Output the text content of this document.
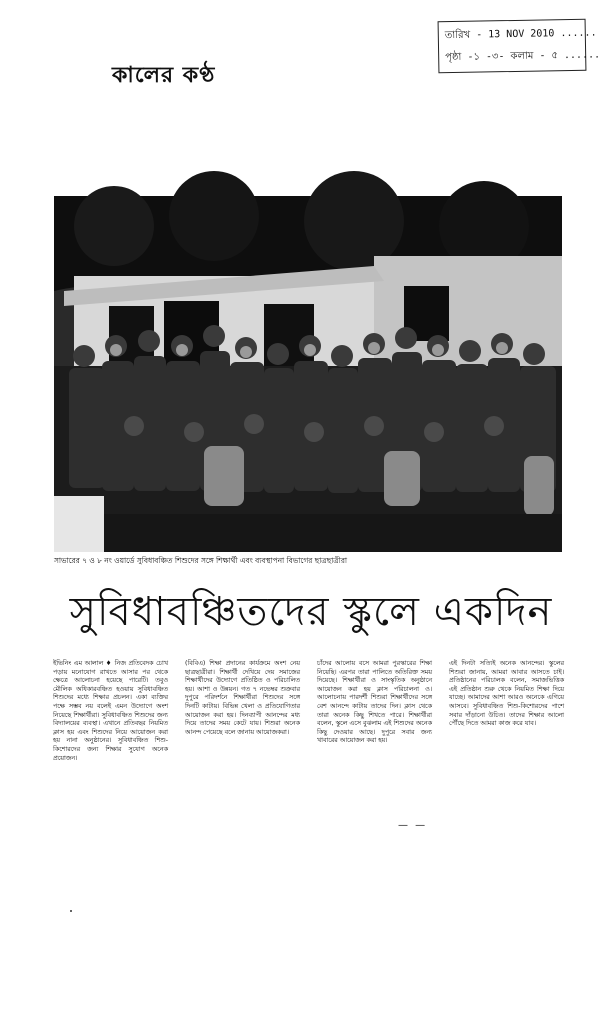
তারিখ - 13 NOV 2010 ......
পৃষ্ঠা -১ -৩- কলাম - ৫ ......
কালের কণ্ঠ
সাভারের ৭ ও ৮ নং ওয়ার্ডে সুবিধাবঞ্চিত শিশুদের সঙ্গে শিক্ষার্থী এবং ব্যবস্থাপনা বিভাগের ছাত্রছাত্রীরা
সুবিধাবঞ্চিতদের স্কুলে একদিন

ইভিনিং এম আলাল ♦ নিজ প্রতিবেদক চোখ পড়ায় মনোযোগ রাখতে আসার পর থেকে ক্ষেত্রে আলোচনা হয়েছে পারেটি। তবুও মৌলিক অধিকারবঞ্চিত হওয়ায় সুবিধাবঞ্চিত শিশুদের মধ্যে শিক্ষার প্রচলন। একা ব্যক্তির পক্ষে সম্ভব নয় বলেই এমন উদ্যোগে অংশ নিয়েছে শিক্ষার্থীরা। সুবিধাবঞ্চিত শিশুদের জন্য বিদ্যালয়ের ব্যবস্থা। এখানে প্রতিবছর নিয়মিত ক্লাস হয় এবং শিশুদের নিয়ে আয়োজন করা হয় নানা অনুষ্ঠানের। সুবিধাবঞ্চিত শিশু-কিশোরদের জন্য শিক্ষার সুযোগ অনেক প্রয়োজন।

(বিবিএ) শিক্ষা প্রদানের কার্যক্রমে অংশ নেয় ছাত্রছাত্রীরা। শিক্ষার্থী দেখিয়ে দেয় সমাজের শিক্ষার্থীদের উদ্যোগে প্রতিষ্ঠিত ও পরিচালিত হয়। আশা ও উন্নয়ন। গত ৭ নভেম্বর শুক্রবার দুপুরে পরিদর্শনে শিক্ষার্থীরা শিশুদের সঙ্গে দিনটি কাটায়। বিভিন্ন খেলা ও প্রতিযোগিতার আয়োজন করা হয়। দিনব্যাপী আনন্দের মধ্য দিয়ে তাদের সময় কেটে যায়। শিশুরা অনেক আনন্দ পেয়েছে বলে জানায় আয়োজকরা।

চাঁদের আলোয় বসে আমরা পুরস্কারের শিক্ষা নিয়েছি। এরপর তারা পালিতে অতিরিক্ত সময় দিয়েছে। শিক্ষার্থীরা ও সাংস্কৃতিক অনুষ্ঠানে আয়োজন করা হয় ক্লাস পরিচালনা ও। আলোচনায় পারদর্শী শিশুরা শিক্ষার্থীদের সঙ্গে বেশ আনন্দে কাটায় তাদের দিন। ক্লাস থেকে তারা অনেক কিছু শিখতে পারে। শিক্ষার্থীরা বলেন, স্কুলে এসে বুঝলাম এই শিশুদের অনেক কিছু দেওয়ার আছে। দুপুরে সবার জন্য খাবারের আয়োজন করা হয়।

এই দিনটা সত্যিই অনেক আনন্দের। স্কুলের শিশুরা জানায়, আমরা আবার আসতে চাই। প্রতিষ্ঠানের পরিচালক বলেন, সমাজভিত্তিক এই প্রতিষ্ঠান শুরু থেকে নিয়মিত শিক্ষা দিয়ে যাচ্ছে। আমাদের আশা আরও অনেকে এগিয়ে আসবে। সুবিধাবঞ্চিত শিশু-কিশোরদের পাশে সবার দাঁড়ানো উচিত। তাদের শিক্ষার আলো পৌঁছে দিতে আমরা কাজ করে যাব।

— —
